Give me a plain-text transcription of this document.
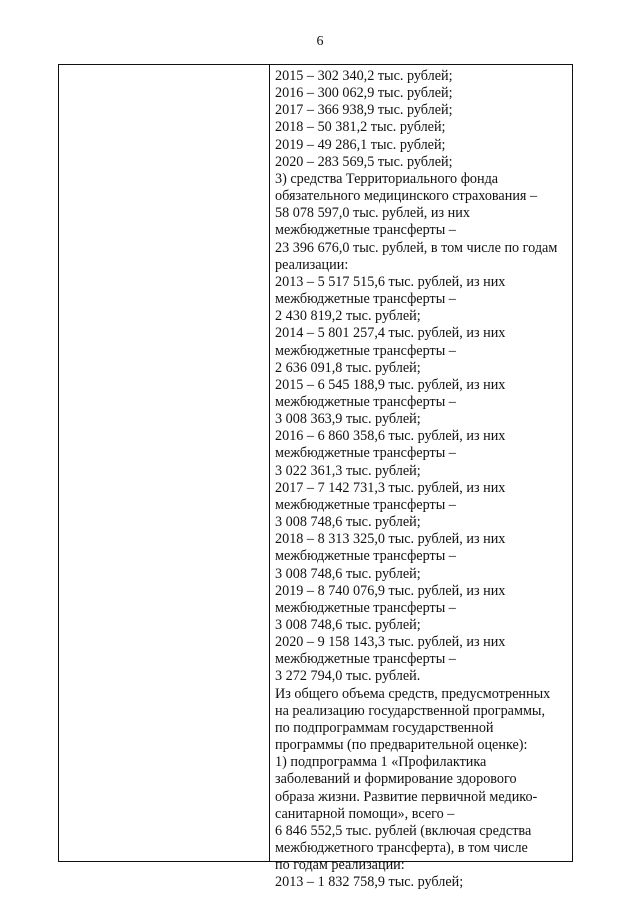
6
2015 – 302 340,2 тыс. рублей;
2016 – 300 062,9 тыс. рублей;
2017 – 366 938,9 тыс. рублей;
2018 – 50 381,2 тыс. рублей;
2019 – 49 286,1 тыс. рублей;
2020 – 283 569,5 тыс. рублей;
3) средства Территориального фонда
обязательного медицинского страхования –
58 078 597,0 тыс. рублей, из них
межбюджетные трансферты –
23 396 676,0 тыс. рублей, в том числе по годам
реализации:
2013 – 5 517 515,6 тыс. рублей, из них
межбюджетные трансферты –
2 430 819,2 тыс. рублей;
2014 – 5 801 257,4 тыс. рублей, из них
межбюджетные трансферты –
2 636 091,8 тыс. рублей;
2015 – 6 545 188,9 тыс. рублей, из них
межбюджетные трансферты –
3 008 363,9 тыс. рублей;
2016 – 6 860 358,6 тыс. рублей, из них
межбюджетные трансферты –
3 022 361,3 тыс. рублей;
2017 – 7 142 731,3 тыс. рублей, из них
межбюджетные трансферты –
3 008 748,6 тыс. рублей;
2018 – 8 313 325,0 тыс. рублей, из них
межбюджетные трансферты –
3 008 748,6 тыс. рублей;
2019 – 8 740 076,9 тыс. рублей, из них
межбюджетные трансферты –
3 008 748,6 тыс. рублей;
2020 – 9 158 143,3 тыс. рублей, из них
межбюджетные трансферты –
3 272 794,0 тыс. рублей.
Из общего объема средств, предусмотренных
на реализацию государственной программы,
по подпрограммам государственной
программы (по предварительной оценке):
1) подпрограмма 1 «Профилактика
заболеваний и формирование здорового
образа жизни. Развитие первичной медико-
санитарной помощи», всего –
6 846 552,5 тыс. рублей (включая средства
межбюджетного трансферта), в том числе
по годам реализации:
2013 – 1 832 758,9 тыс. рублей;
